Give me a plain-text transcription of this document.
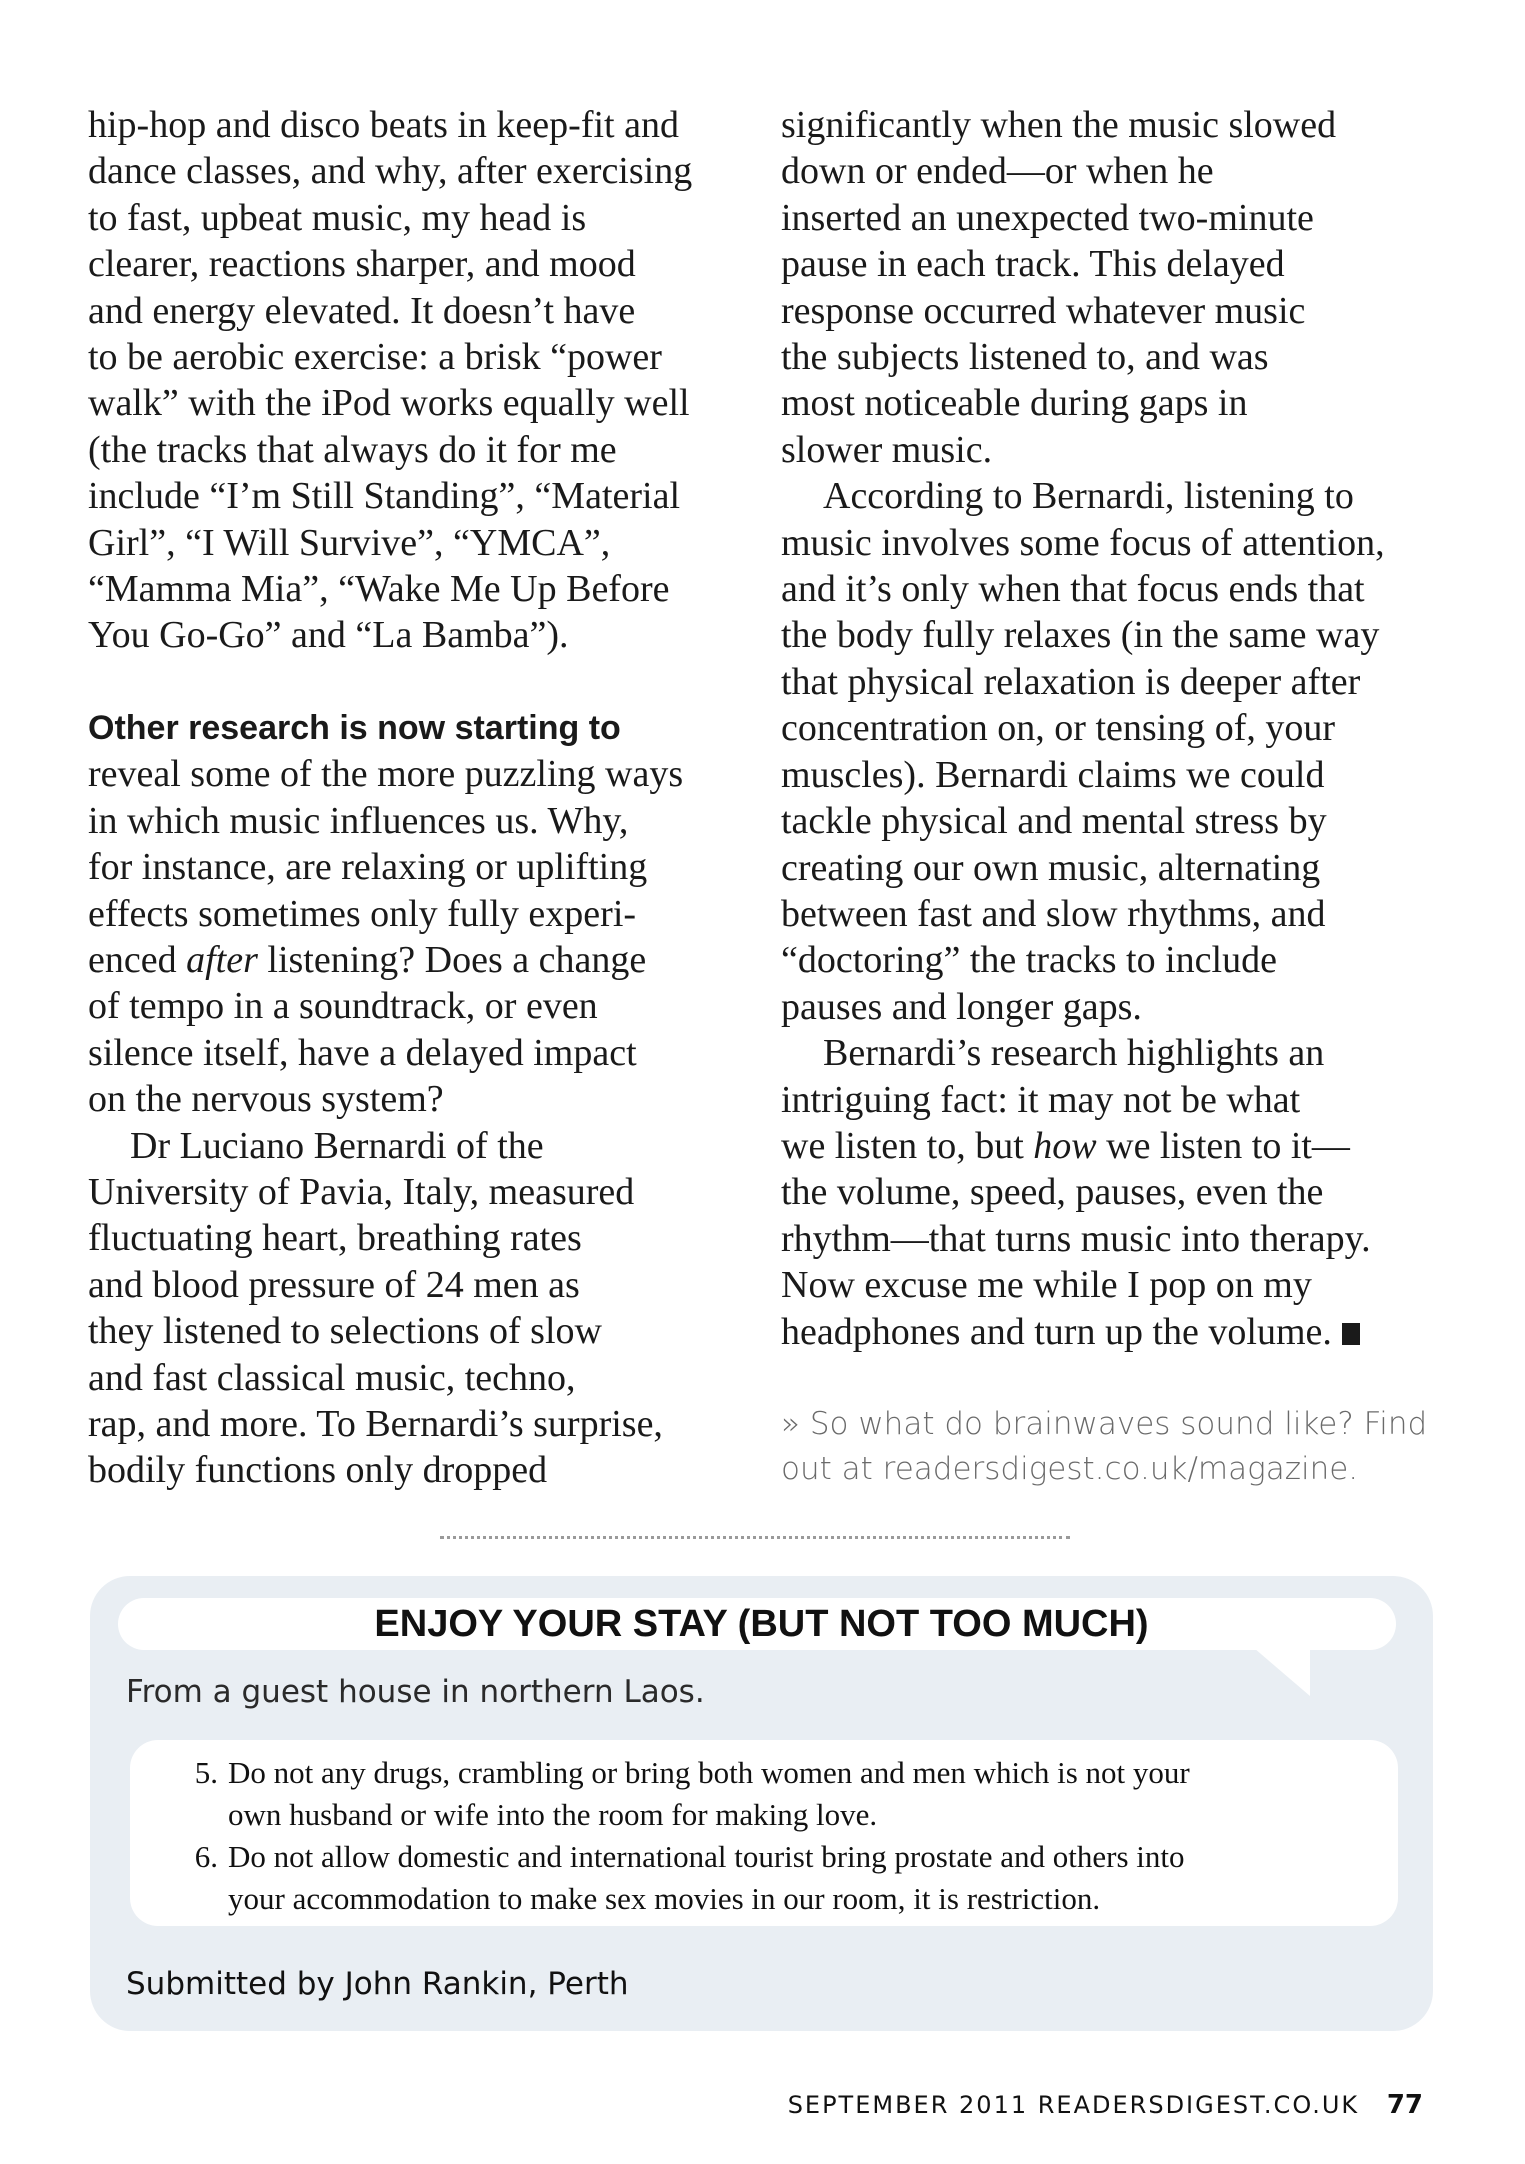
hip-hop and disco beats in keep-fit and
dance classes, and why, after exercising
to fast, upbeat music, my head is
clearer, reactions sharper, and mood
and energy elevated. It doesn’t have
to be aerobic exercise: a brisk “power
walk” with the iPod works equally well
(the tracks that always do it for me
include “I’m Still Standing”, “Material
Girl”, “I Will Survive”, “YMCA”,
“Mamma Mia”, “Wake Me Up Before
You Go-Go” and “La Bamba”).

Other research is now starting to
reveal some of the more puzzling ways
in which music influences us. Why,
for instance, are relaxing or uplifting
effects sometimes only fully experi-
enced after listening? Does a change
of tempo in a soundtrack, or even
silence itself, have a delayed impact
on the nervous system?

Dr Luciano Bernardi of the
University of Pavia, Italy, measured
fluctuating heart, breathing rates
and blood pressure of 24 men as
they listened to selections of slow
and fast classical music, techno,
rap, and more. To Bernardi’s surprise,
bodily functions only dropped

significantly when the music slowed
down or ended—or when he
inserted an unexpected two-minute
pause in each track. This delayed
response occurred whatever music
the subjects listened to, and was
most noticeable during gaps in
slower music.

According to Bernardi, listening to
music involves some focus of attention,
and it’s only when that focus ends that
the body fully relaxes (in the same way
that physical relaxation is deeper after
concentration on, or tensing of, your
muscles). Bernardi claims we could
tackle physical and mental stress by
creating our own music, alternating
between fast and slow rhythms, and
“doctoring” the tracks to include
pauses and longer gaps.

Bernardi’s research highlights an
intriguing fact: it may not be what
we listen to, but how we listen to it—
the volume, speed, pauses, even the
rhythm—that turns music into therapy.
Now excuse me while I pop on my
headphones and turn up the volume.

» So what do brainwaves sound like? Find
out at readersdigest.co.uk/magazine.
ENJOY YOUR STAY (BUT NOT TOO MUCH)
From a guest house in northern Laos.
5. Do not any drugs, crambling or bring both women and men which is not your
own husband or wife into the room for making love.
6. Do not allow domestic and international tourist bring prostate and others into
your accommodation to make sex movies in our room, it is restriction.
Submitted by John Rankin, Perth
SEPTEMBER 2011 READERSDIGEST.CO.UK 77
